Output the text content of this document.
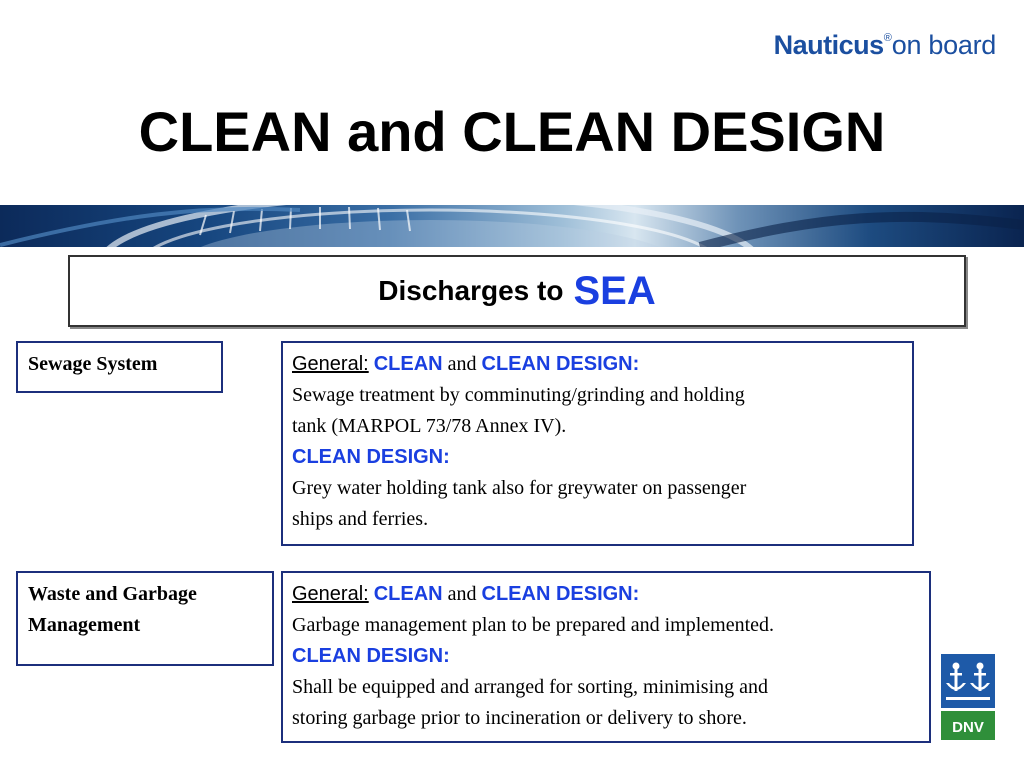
Nauticus®on board
CLEAN and CLEAN DESIGN
Discharges to SEA
Sewage System	General: CLEAN and CLEAN DESIGN:
Sewage treatment by comminuting/grinding and holding
tank (MARPOL 73/78 Annex IV).
CLEAN DESIGN:
Grey water holding tank also for greywater on passenger
ships and ferries.
Waste and Garbage Management
General: CLEAN and CLEAN DESIGN:
Garbage management plan to be prepared and implemented.
CLEAN DESIGN:
Shall be equipped and arranged for sorting, minimising and
storing garbage prior to incineration or delivery to shore.	DNV
